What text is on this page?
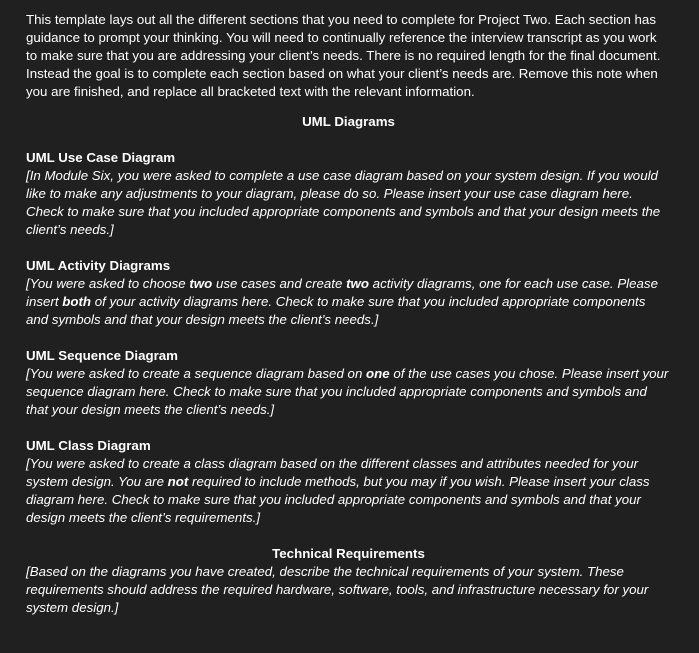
This template lays out all the different sections that you need to complete for Project Two. Each section has guidance to prompt your thinking. You will need to continually reference the interview transcript as you work to make sure that you are addressing your client’s needs. There is no required length for the final document. Instead the goal is to complete each section based on what your client’s needs are. Remove this note when you are finished, and replace all bracketed text with the relevant information.

UML Diagrams

UML Use Case Diagram

[In Module Six, you were asked to complete a use case diagram based on your system design. If you would like to make any adjustments to your diagram, please do so. Please insert your use case diagram here. Check to make sure that you included appropriate components and symbols and that your design meets the client’s needs.]

UML Activity Diagrams

[You were asked to choose two use cases and create two activity diagrams, one for each use case. Please insert both of your activity diagrams here. Check to make sure that you included appropriate components and symbols and that your design meets the client’s needs.]

UML Sequence Diagram

[You were asked to create a sequence diagram based on one of the use cases you chose. Please insert your sequence diagram here. Check to make sure that you included appropriate components and symbols and that your design meets the client’s needs.]

UML Class Diagram

[You were asked to create a class diagram based on the different classes and attributes needed for your system design. You are not required to include methods, but you may if you wish. Please insert your class diagram here. Check to make sure that you included appropriate components and symbols and that your design meets the client’s requirements.]

Technical Requirements

[Based on the diagrams you have created, describe the technical requirements of your system. These requirements should address the required hardware, software, tools, and infrastructure necessary for your system design.]
